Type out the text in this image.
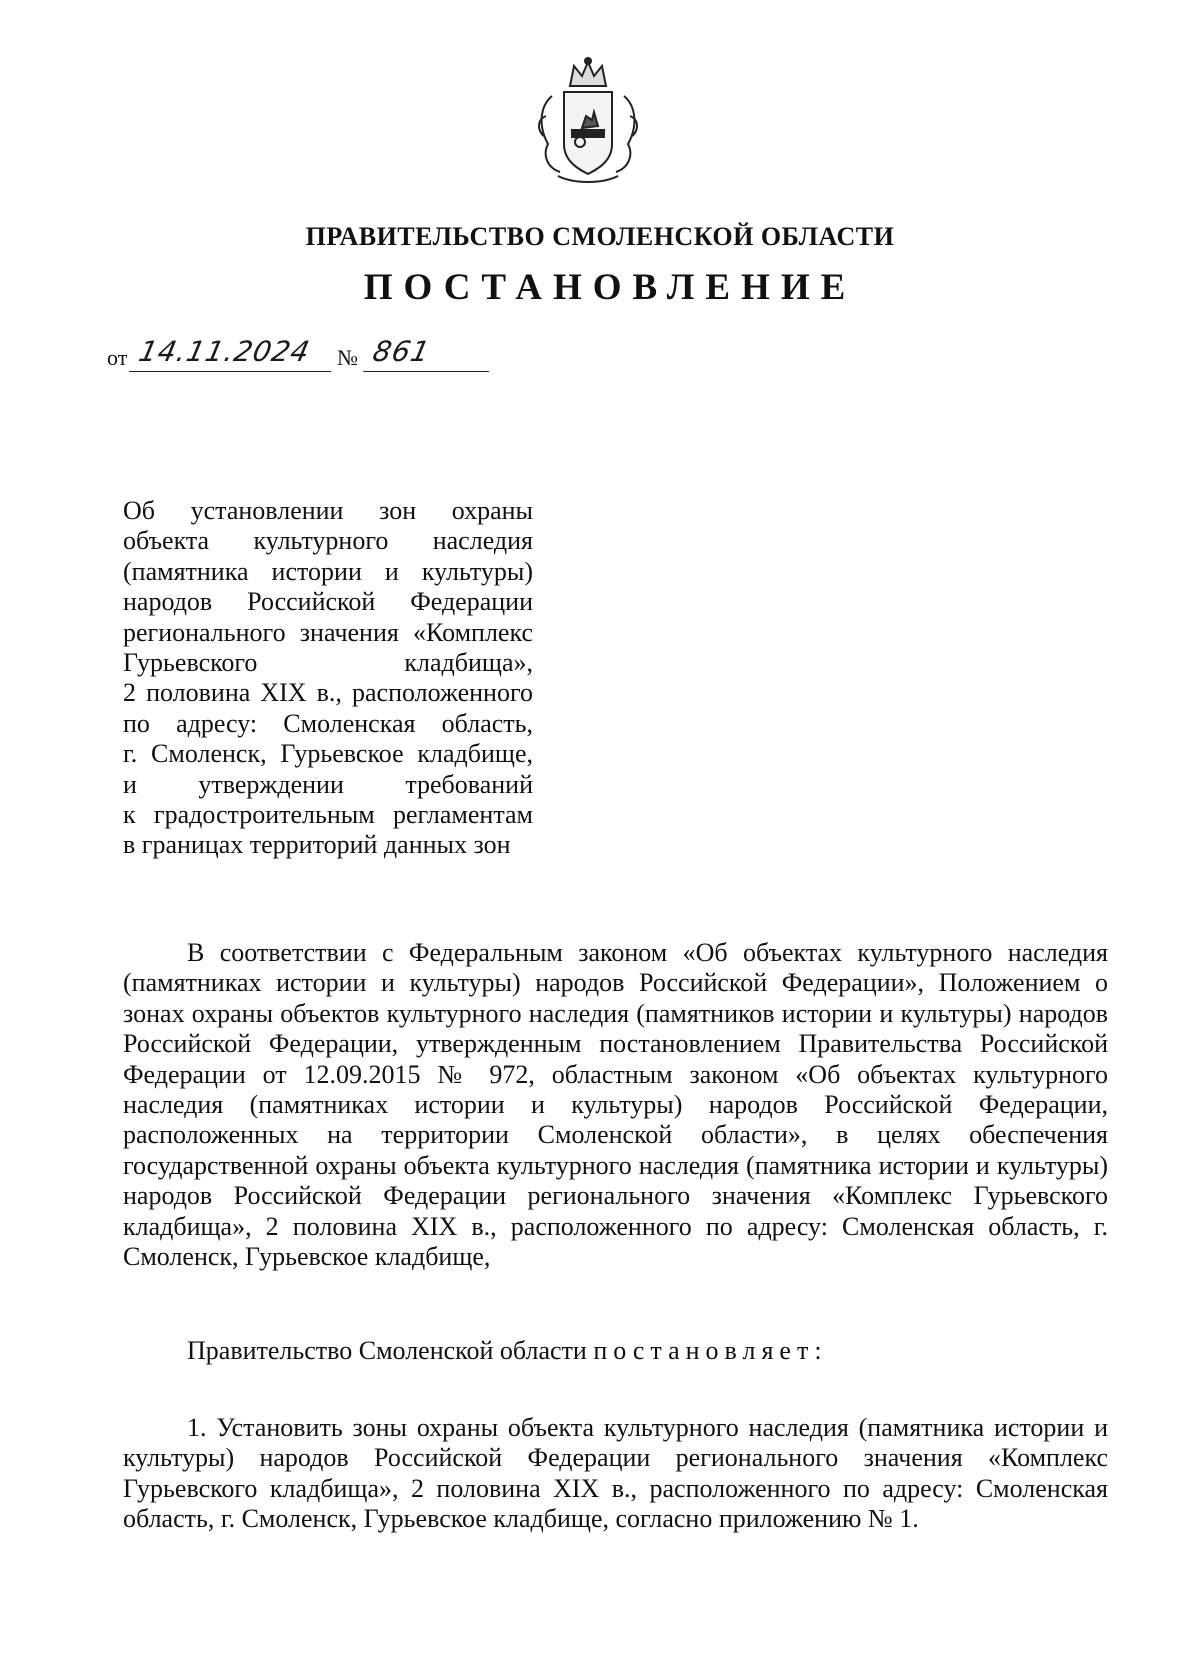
ПРАВИТЕЛЬСТВО СМОЛЕНСКОЙ ОБЛАСТИ
ПОСТАНОВЛЕНИЕ
от 14.11.2024	№ 861
Об установлении зон охраны
объекта культурного наследия
(памятника истории и культуры)
народов Российской Федерации
регионального значения «Комплекс
Гурьевского кладбища»,
2 половина XIX в., расположенного
по адресу: Смоленская область,
г. Смоленск, Гурьевское кладбище,
и утверждении требований
к градостроительным регламентам
в границах территорий данных зон
В соответствии с Федеральным законом «Об объектах культурного наследия (памятниках истории и культуры) народов Российской Федерации», Положением о зонах охраны объектов культурного наследия (памятников истории и культуры) народов Российской Федерации, утвержденным постановлением Правительства Российской Федерации от 12.09.2015 № 972, областным законом «Об объектах культурного наследия (памятниках истории и культуры) народов Российской Федерации, расположенных на территории Смоленской области», в целях обеспечения государственной охраны объекта культурного наследия (памятника истории и культуры) народов Российской Федерации регионального значения «Комплекс Гурьевского кладбища», 2 половина XIX в., расположенного по адресу: Смоленская область, г. Смоленск, Гурьевское кладбище,
Правительство Смоленской области постановляет:
1. Установить зоны охраны объекта культурного наследия (памятника истории и культуры) народов Российской Федерации регионального значения «Комплекс Гурьевского кладбища», 2 половина XIX в., расположенного по адресу: Смоленская область, г. Смоленск, Гурьевское кладбище, согласно приложению № 1.
